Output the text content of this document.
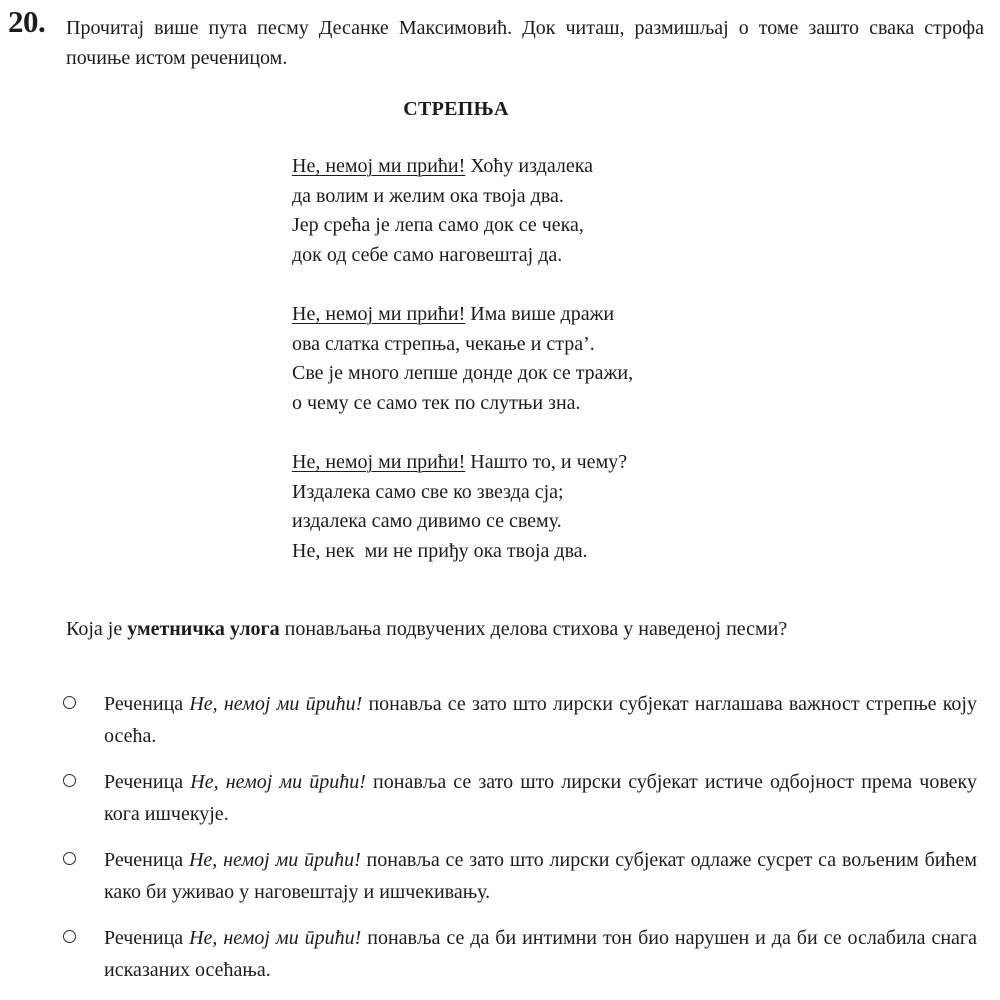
20. Прочитај више пута песму Десанке Максимовић. Док читаш, размишљај о томе зашто свака строфа почиње истом реченицом.
СТРЕПЊА
Не, немој ми прићи! Хоћу издалека
да волим и желим ока твоја два.
Јер срећа је лепа само док се чека,
док од себе само наговештај да.
Не, немој ми прићи! Има више дражи
ова слатка стрепња, чекање и стра’.
Све је много лепше донде док се тражи,
о чему се само тек по слутњи зна.
Не, немој ми прићи! Нашто то, и чему?
Издалека само све ко звезда сја;
издалека само дивимо се свему.
Не, нек  ми не приђу ока твоја два.
Која је уметничка улога понављања подвучених делова стихова у наведеној песми?
Реченица Не, немој ми ӣрићи! понавља се зато што лирски субјекат наглашава важност стрепње коју осећа.
Реченица Не, немој ми ӣрићи! понавља се зато што лирски субјекат истиче одбојност према човеку кога ишчекује.
Реченица Не, немој ми ӣрићи! понавља се зато што лирски субјекат одлаже сусрет са вољеним бићем како би уживао у наговештају и ишчекивању.
Реченица Не, немој ми ӣрићи! понавља се да би интимни тон био нарушен и да би се ослабила снага исказаних осећања.
